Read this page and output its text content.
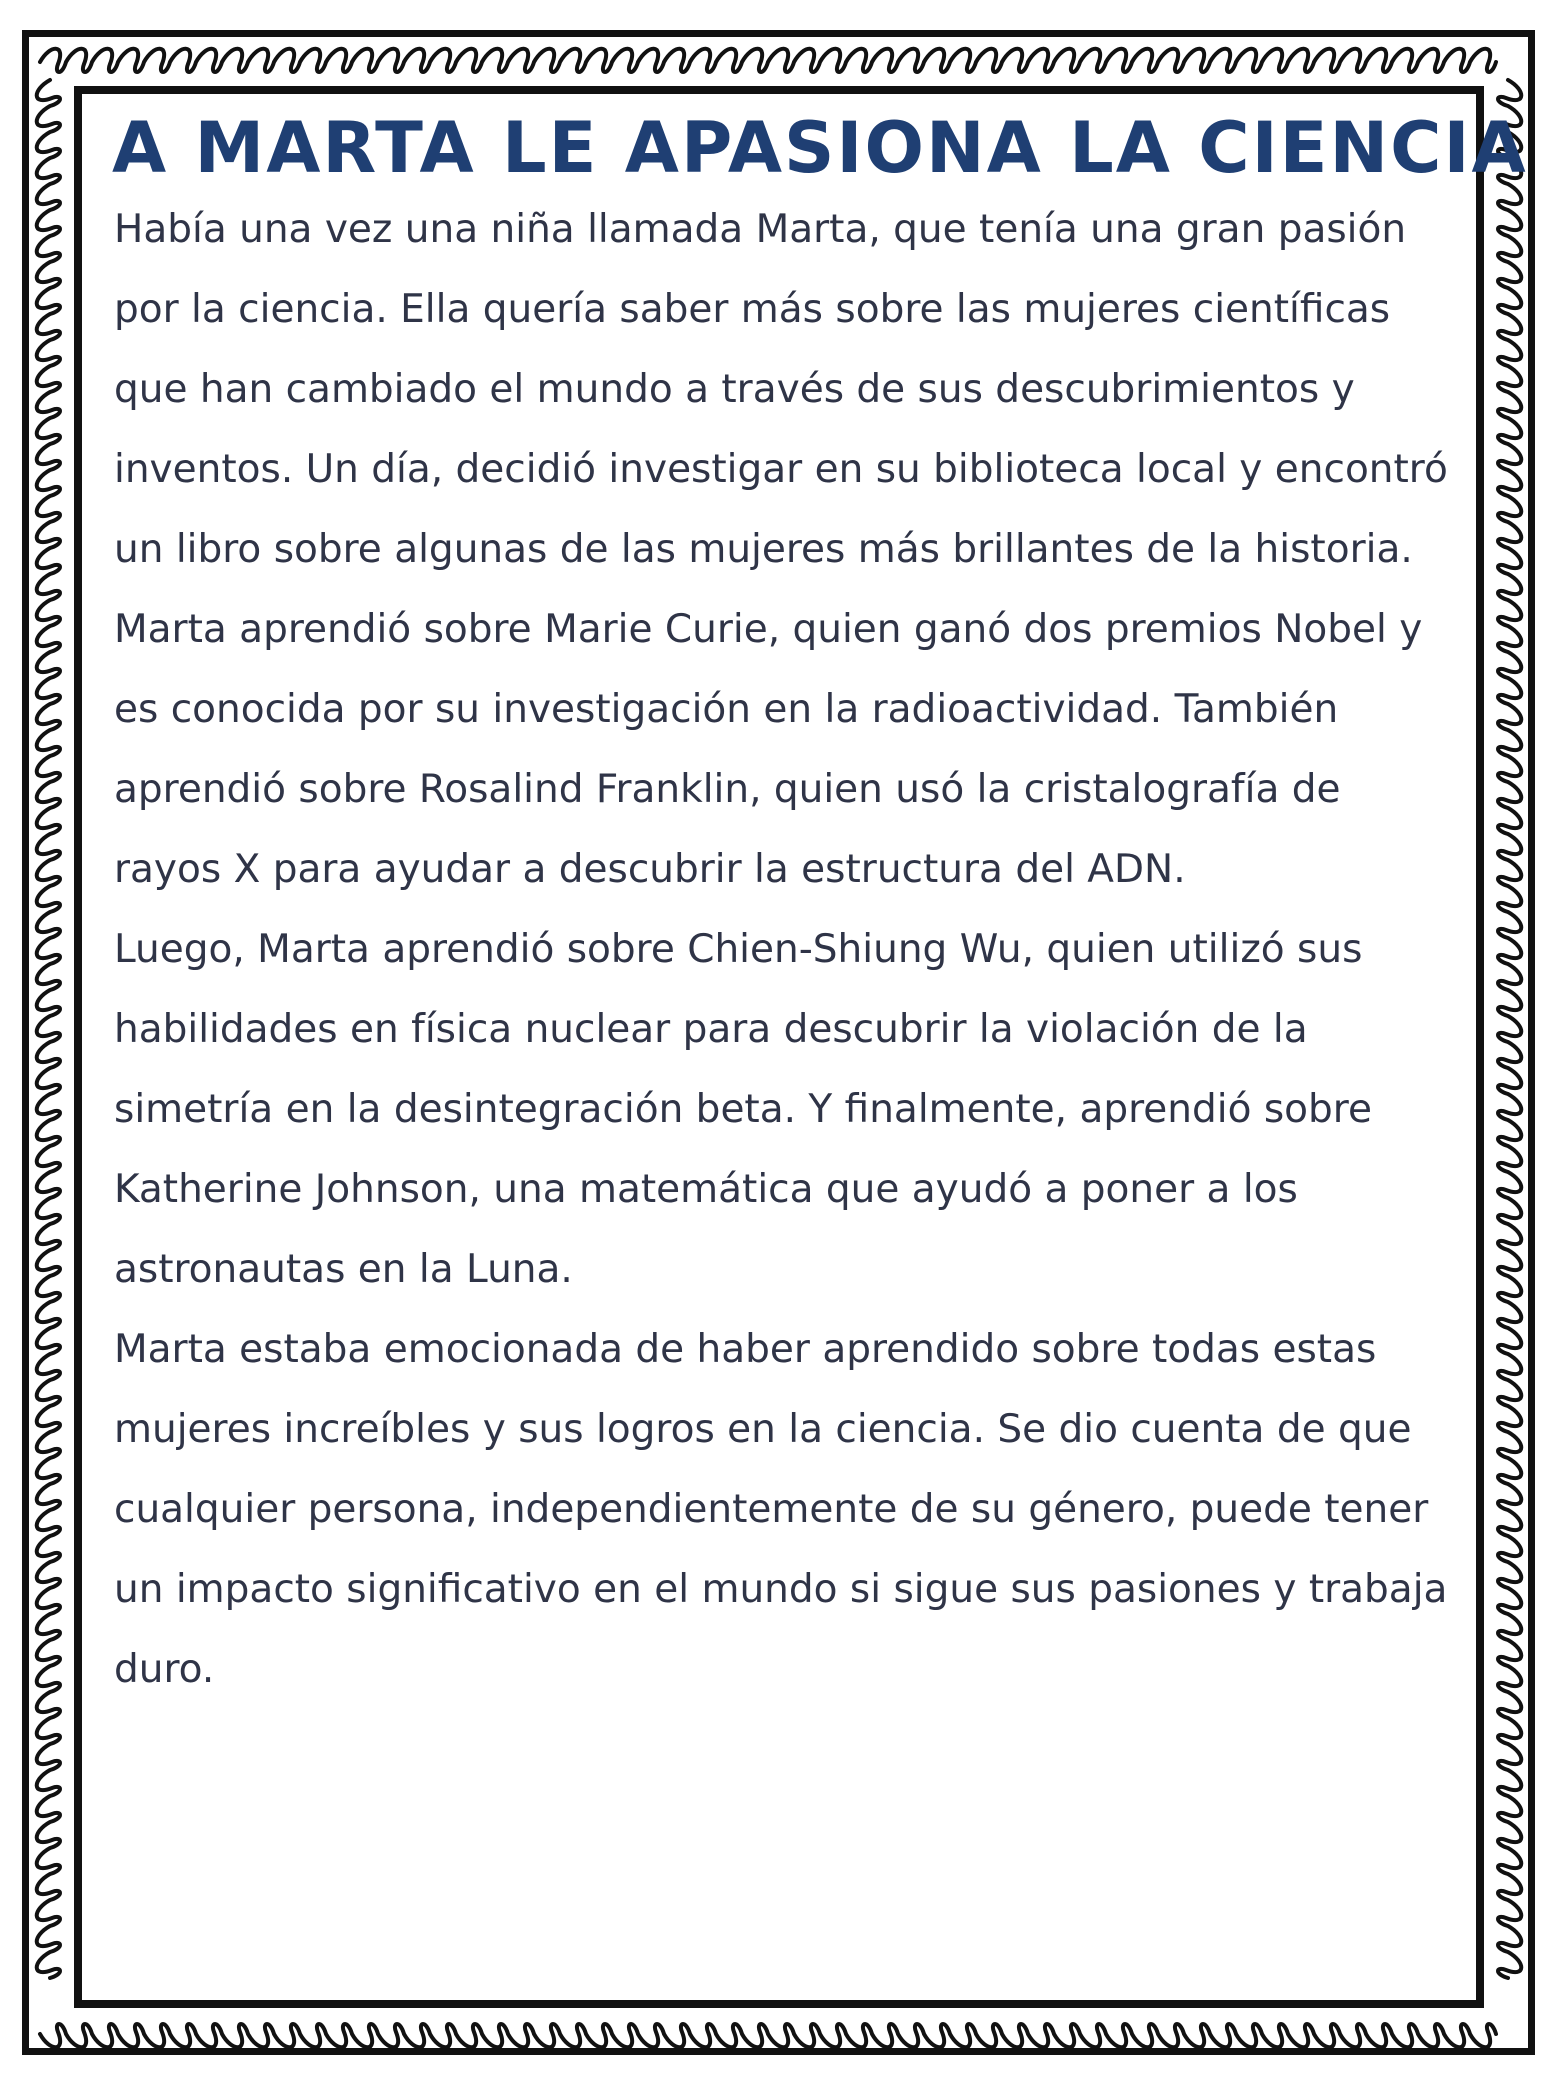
A MARTA LE APASIONA LA CIENCIA

Había una vez una niña llamada Marta, que tenía una gran pasión por la ciencia. Ella quería saber más sobre las mujeres científicas que han cambiado el mundo a través de sus descubrimientos y inventos. Un día, decidió investigar en su biblioteca local y encontró un libro sobre algunas de las mujeres más brillantes de la historia.

Marta aprendió sobre Marie Curie, quien ganó dos premios Nobel y es conocida por su investigación en la radioactividad. También aprendió sobre Rosalind Franklin, quien usó la cristalografía de rayos X para ayudar a descubrir la estructura del ADN.

Luego, Marta aprendió sobre Chien-Shiung Wu, quien utilizó sus habilidades en física nuclear para descubrir la violación de la simetría en la desintegración beta. Y finalmente, aprendió sobre Katherine Johnson, una matemática que ayudó a poner a los astronautas en la Luna.

Marta estaba emocionada de haber aprendido sobre todas estas mujeres increíbles y sus logros en la ciencia. Se dio cuenta de que cualquier persona, independientemente de su género, puede tener un impacto significativo en el mundo si sigue sus pasiones y trabaja duro.
